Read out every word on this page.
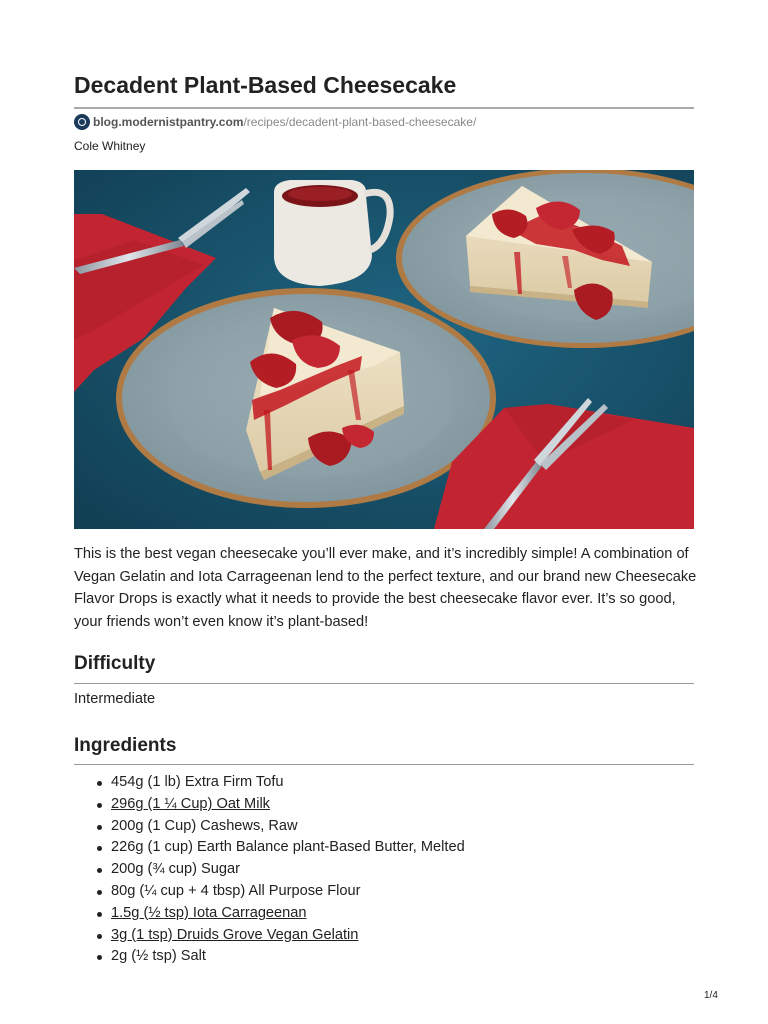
Decadent Plant-Based Cheesecake
blog.modernistpantry.com /recipes/decadent-plant-based-cheesecake/
Cole Whitney

This is the best vegan cheesecake you’ll ever make, and it’s incredibly simple! A combination of Vegan Gelatin and Iota Carrageenan lend to the perfect texture, and our brand new Cheesecake Flavor Drops is exactly what it needs to provide the best cheesecake flavor ever. It’s so good, your friends won’t even know it’s plant-based!

Difficulty
Intermediate
Ingredients
454g (1 lb) Extra Firm Tofu
296g (1 ¼ Cup) Oat Milk
200g (1 Cup) Cashews, Raw
226g (1 cup) Earth Balance plant-Based Butter, Melted
200g (¾ cup) Sugar
80g (¼ cup + 4 tbsp) All Purpose Flour
1.5g (½ tsp) Iota Carrageenan
3g (1 tsp) Druids Grove Vegan Gelatin
2g (½ tsp) Salt
1/4
